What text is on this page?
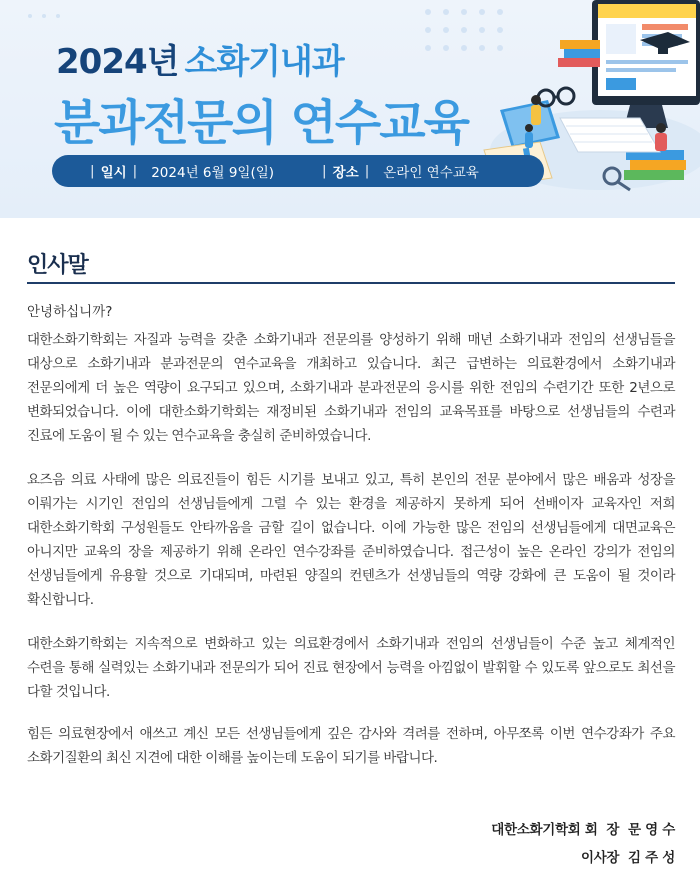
2024년 소화기내과
분과전문의 연수교육
| 일시 | 2024년 6월 9일(일)	| 장소 | 온라인 연수교육
인사말
안녕하십니까?

대한소화기학회는 자질과 능력을 갖춘 소화기내과 전문의를 양성하기 위해 매년 소화기내과 전임의 선생님들을 대상으로 소화기내과 분과전문의 연수교육을 개최하고 있습니다. 최근 급변하는 의료환경에서 소화기내과 전문의에게 더 높은 역량이 요구되고 있으며, 소화기내과 분과전문의 응시를 위한 전임의 수련기간 또한 2년으로 변화되었습니다. 이에 대한소화기학회는 재정비된 소화기내과 전임의 교육목표를 바탕으로 선생님들의 수련과 진료에 도움이 될 수 있는 연수교육을 충실히 준비하였습니다.

요즈음 의료 사태에 많은 의료진들이 힘든 시기를 보내고 있고, 특히 본인의 전문 분야에서 많은 배움과 성장을 이뤄가는 시기인 전임의 선생님들에게 그럴 수 있는 환경을 제공하지 못하게 되어 선배이자 교육자인 저희 대한소화기학회 구성원들도 안타까움을 금할 길이 없습니다. 이에 가능한 많은 전임의 선생님들에게 대면교육은 아니지만 교육의 장을 제공하기 위해 온라인 연수강좌를 준비하였습니다. 접근성이 높은 온라인 강의가 전임의 선생님들에게 유용할 것으로 기대되며, 마련된 양질의 컨텐츠가 선생님들의 역량 강화에 큰 도움이 될 것이라 확신합니다.

대한소화기학회는 지속적으로 변화하고 있는 의료환경에서 소화기내과 전임의 선생님들이 수준 높고 체계적인 수련을 통해 실력있는 소화기내과 전문의가 되어 진료 현장에서 능력을 아낌없이 발휘할 수 있도록 앞으로도 최선을 다할 것입니다.

힘든 의료현장에서 애쓰고 계신 모든 선생님들에게 깊은 감사와 격려를 전하며, 아무쪼록 이번 연수강좌가 주요 소화기질환의 최신 지견에 대한 이해를 높이는데 도움이 되기를 바랍니다.

대한소화기학회 회  장  문 영 수
이사장  김 주 성
